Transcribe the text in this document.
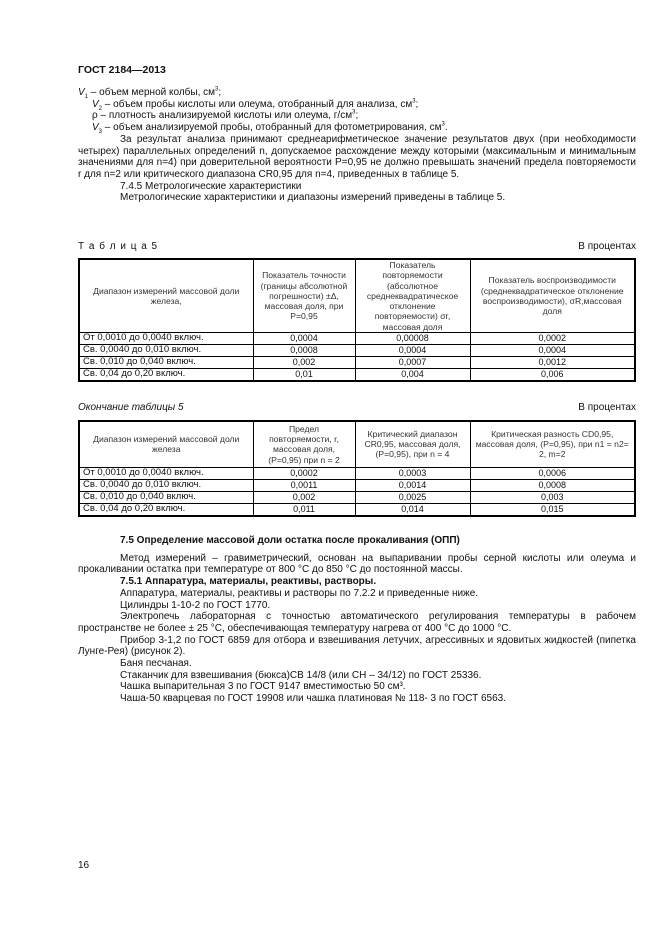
ГОСТ 2184—2013

$V_1$ – объем мерной колбы, $см^3$;

$V_2$ – объем пробы кислоты или олеума, отобранный для анализа, $см^3$;

ρ – плотность анализируемой кислоты или олеума, $г/см^3$;

$V_3$ – объем анализируемой пробы, отобранный для фотометрирования, $см^3$.

За результат анализа принимают среднеарифметическое значение результатов двух (при необходимости четырех) параллельных определений n, допускаемое расхождение между которыми (максимальным и минимальным значениями для n=4) при доверительной вероятности P=0,95 не должно превышать значений предела повторяемости r для n=2 или критического диапазона CR0,95 для n=4, приведенных в таблице 5.

7.4.5 Метрологические характеристики

Метрологические характеристики и диапазоны измерений приведены в таблице 5.

Т а б л и ц а 5	В процентах
Диапазон измерений массовой доли железа,	Показатель точности (границы абсолютной погрешности) ±Δ, массовая доля, при P=0,95	Показатель повторяемости (абсолютное среднеквадратическое отклонение повторяемости) σr, массовая доля	Показатель воспроизводимости (среднеквадратическое отклонение воспроизводимости), σR,массовая доля
От 0,0010 до 0,0040 включ.	0,0004	0,00008	0,0002
Св. 0,0040 до 0,010 включ.	0,0008	0,0004	0,0004
Св. 0,010 до 0,040 включ.	0,002	0,0007	0,0012
Св. 0,04 до 0,20 включ.	0,01	0,004	0,006
Окончание таблицы 5	В процентах
Диапазон измерений массовой доли железа	Предел повторяемости, r, массовая доля, (P=0,95) при n = 2	Критический диапазон CR0,95, массовая доля, (P=0,95), при n = 4	Критическая разность CD0,95, массовая доля, (P=0,95), при n1 = n2= 2, m=2
От 0,0010 до 0,0040 включ.	0,0002	0,0003	0,0006
Св. 0,0040 до 0,010 включ.	0,0011	0,0014	0,0008
Св. 0,010 до 0,040 включ.	0,002	0,0025	0,003
Св. 0,04 до 0,20 включ.	0,011	0,014	0,015

7.5 Определение массовой доли остатка после прокаливания (ОПП)

Метод измерений – гравиметрический, основан на выпаривании пробы серной кислоты или олеума и прокаливании остатка при температуре от 800 °С до 850 °С до постоянной массы.

7.5.1 Аппаратура, материалы, реактивы, растворы.

Аппаратура, материалы, реактивы и растворы по 7.2.2 и приведенные ниже.

Цилиндры 1-10-2 по ГОСТ 1770.

Электропечь лабораторная с точностью автоматического регулирования температуры в рабочем пространстве не более ± 25 °С, обеспечивающая температуру нагрева от 400 °С до 1000 °С.

Прибор 3-1,2 по ГОСТ 6859 для отбора и взвешивания летучих, агрессивных и ядовитых жидкостей (пипетка Лунге-Рея) (рисунок 2).

Баня песчаная.

Стаканчик для взвешивания (бюкса)СВ 14/8 (или СН – 34/12) по ГОСТ 25336.

Чашка выпарительная 3 по ГОСТ 9147 вместимостью 50 см³.

Чаша-50 кварцевая по ГОСТ 19908 или чашка платиновая № 118- 3 по ГОСТ 6563.

16
